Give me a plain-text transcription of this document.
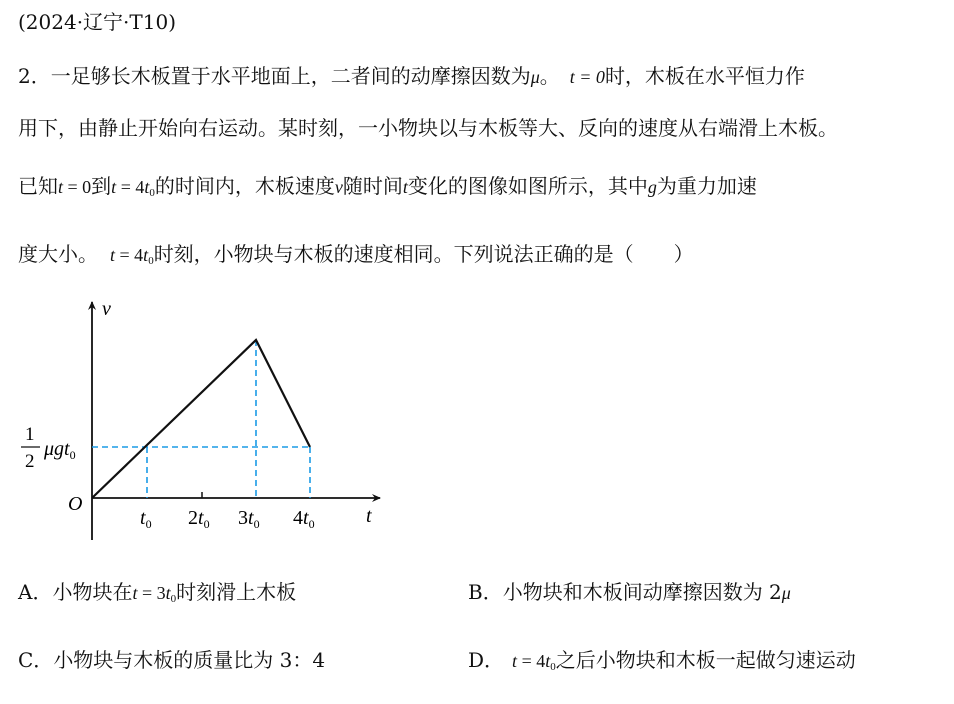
(2024·辽宁·T10)
2．一足够长木板置于水平地面上，二者间的动摩擦因数为μ。 t = 0时，木板在水平恒力作
用下，由静止开始向右运动。某时刻，一小物块以与木板等大、反向的速度从右端滑上木板。
已知t = 0到$t = 4t_0$的时间内，木板速度v随时间t变化的图像如图所示，其中g为重力加速
度大小。 $t = 4t_0$时刻，小物块与木板的速度相同。下列说法正确的是（　　）
v
t
O
$t_0$ $2t_0$ $3t_0$ $4t_0$
1
2
μgt$_0$
A．小物块在$t = 3t_0$时刻滑上木板	B．小物块和木板间动摩擦因数为 2μ
C．小物块与木板的质量比为 3：4	D． $t = 4t_0$之后小物块和木板一起做匀速运动
